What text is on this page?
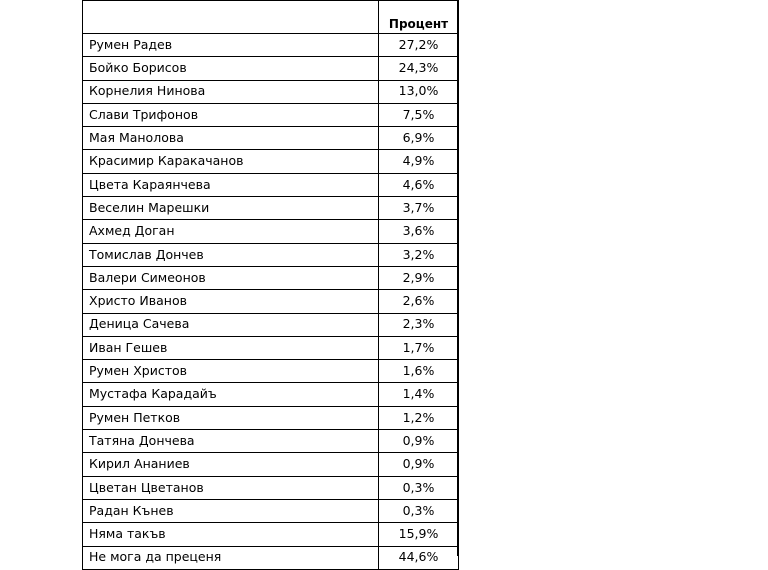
	Процент
Румен Радев	27,2%
Бойко Борисов	24,3%
Корнелия Нинова	13,0%
Слави Трифонов	7,5%
Мая Манолова	6,9%
Красимир Каракачанов	4,9%
Цвета Караянчева	4,6%
Веселин Марешки	3,7%
Ахмед Доган	3,6%
Томислав Дончев	3,2%
Валери Симеонов	2,9%
Христо Иванов	2,6%
Деница Сачева	2,3%
Иван Гешев	1,7%
Румен Христов	1,6%
Мустафа Карадайъ	1,4%
Румен Петков	1,2%
Татяна Дончева	0,9%
Кирил Ананиев	0,9%
Цветан Цветанов	0,3%
Радан Кънев	0,3%
Няма такъв	15,9%
Не мога да преценя	44,6%
